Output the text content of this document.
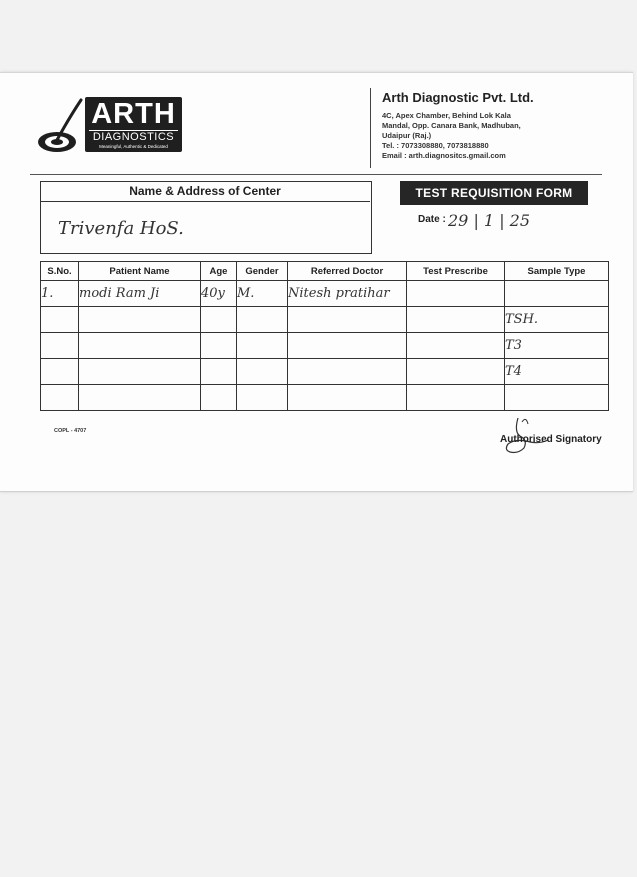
ARTH
DIAGNOSTICS
Meaningful, Authentic & Dedicated
Arth Diagnostic Pvt. Ltd.
4C, Apex Chamber, Behind Lok Kala
Mandal, Opp. Canara Bank, Madhuban,
Udaipur (Raj.)
Tel. : 7073308880, 7073818880
Email : arth.diagnositcs.gmail.com
Name & Address of Center
Trivenfa HoS.
TEST REQUISITION FORM
Date : 29 | 1 | 25
S.No.	Patient Name	Age	Gender	Referred Doctor	Test Prescribe	Sample Type
1.	modi Ram Ji	40y	M.	Nitesh pratihar		
						TSH.
						T3
						T4

COPL - 4707
Authorised Signatory
